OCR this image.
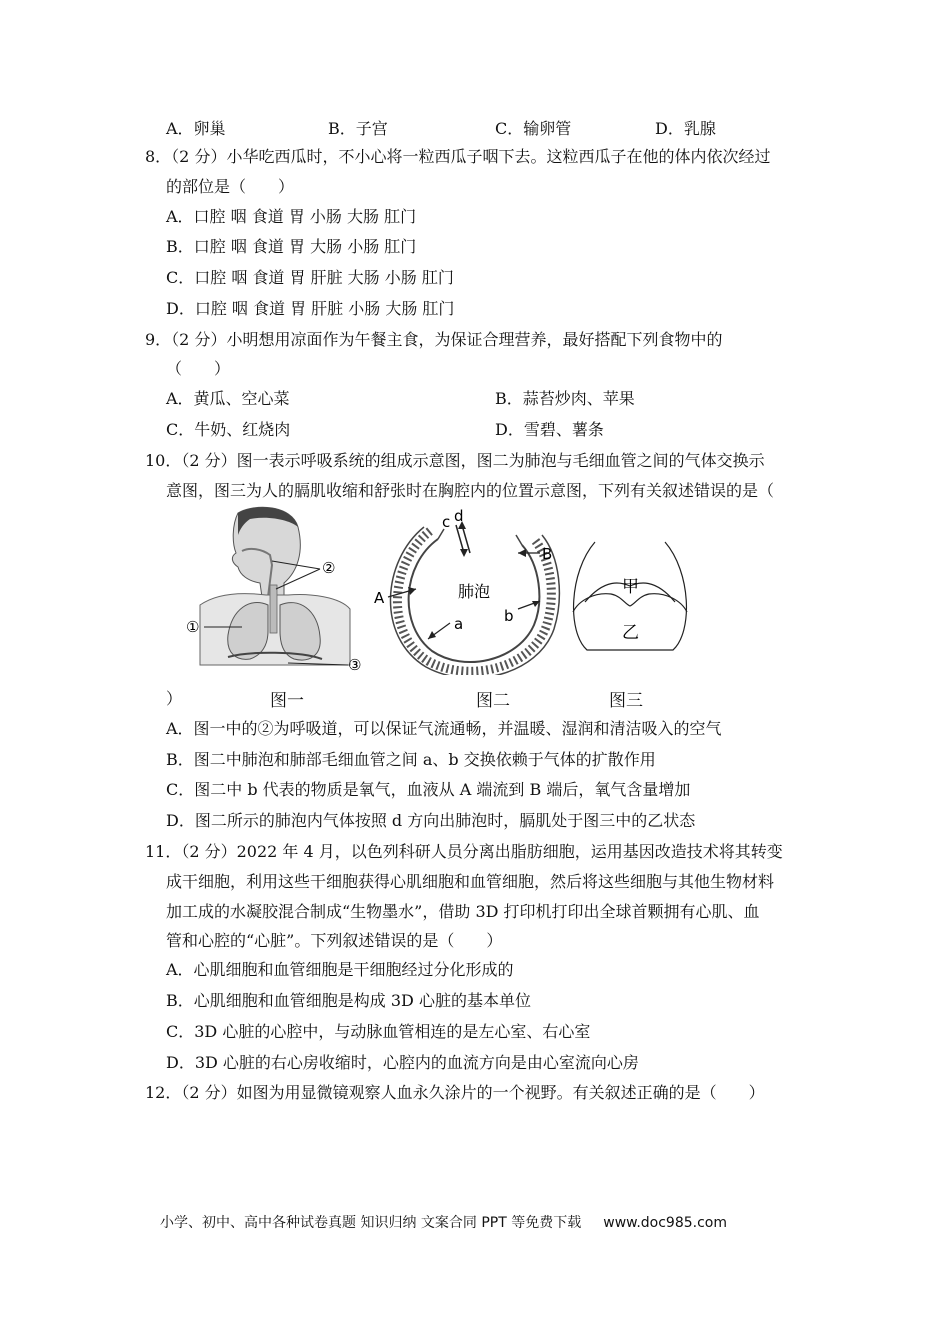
A．卵巢	B．子宫	C．输卵管	D．乳腺
8．（2 分）小华吃西瓜时，不小心将一粒西瓜子咽下去。这粒西瓜子在他的体内依次经过
的部位是（　　）
A．口腔 咽 食道 胃 小肠 大肠 肛门
B．口腔 咽 食道 胃 大肠 小肠 肛门
C．口腔 咽 食道 胃 肝脏 大肠 小肠 肛门
D．口腔 咽 食道 胃 肝脏 小肠 大肠 肛门
9．（2 分）小明想用凉面作为午餐主食，为保证合理营养，最好搭配下列食物中的
（　　）
A．黄瓜、空心菜	B．蒜苔炒肉、苹果
C．牛奶、红烧肉	D．雪碧、薯条
10．（2 分）图一表示呼吸系统的组成示意图，图二为肺泡与毛细血管之间的气体交换示
意图，图三为人的膈肌收缩和舒张时在胸腔内的位置示意图，下列有关叙述错误的是（
①
②
③
c d
A
B
肺泡
a	b
甲
乙
图一	图二	图三
）
A．图一中的②为呼吸道，可以保证气流通畅，并温暖、湿润和清洁吸入的空气
B．图二中肺泡和肺部毛细血管之间 a、b 交换依赖于气体的扩散作用
C．图二中 b 代表的物质是氧气，血液从 A 端流到 B 端后，氧气含量增加
D．图二所示的肺泡内气体按照 d 方向出肺泡时，膈肌处于图三中的乙状态
11．（2 分）2022 年 4 月，以色列科研人员分离出脂肪细胞，运用基因改造技术将其转变
成干细胞，利用这些干细胞获得心肌细胞和血管细胞，然后将这些细胞与其他生物材料
加工成的水凝胶混合制成“生物墨水”，借助 3D 打印机打印出全球首颗拥有心肌、血
管和心腔的“心脏”。下列叙述错误的是（　　）
A．心肌细胞和血管细胞是干细胞经过分化形成的
B．心肌细胞和血管细胞是构成 3D 心脏的基本单位
C．3D 心脏的心腔中，与动脉血管相连的是左心室、右心室
D．3D 心脏的右心房收缩时，心腔内的血流方向是由心室流向心房
12．（2 分）如图为用显微镜观察人血永久涂片的一个视野。有关叙述正确的是（　　）
小学、初中、高中各种试卷真题 知识归纳 文案合同 PPT 等免费下载 www.doc985.com
